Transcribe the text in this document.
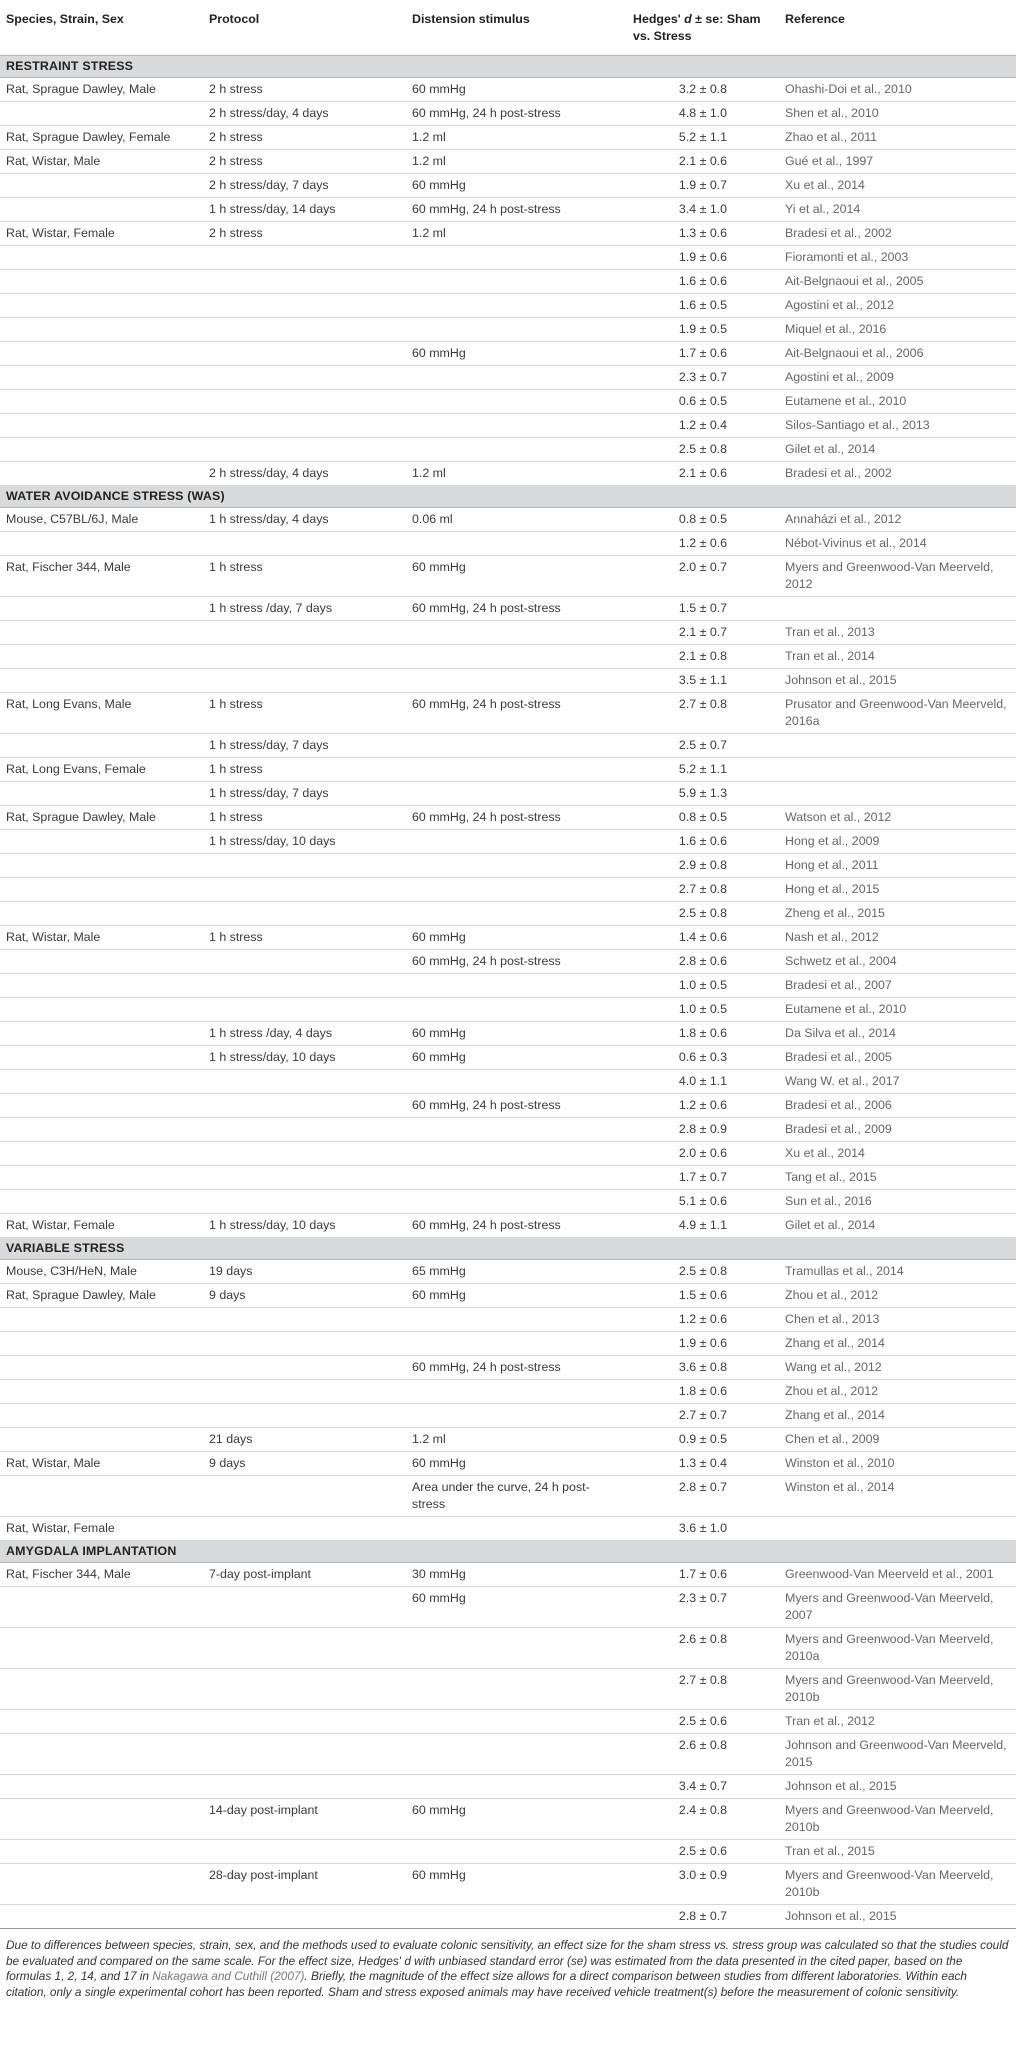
Species, Strain, Sex	Protocol	Distension stimulus	Hedges' d ± se: Sham vs. Stress	Reference
RESTRAINT STRESS				
Rat, Sprague Dawley, Male	2 h stress	60 mmHg	3.2 ± 0.8	Ohashi-Doi et al., 2010
	2 h stress/day, 4 days	60 mmHg, 24 h post-stress	4.8 ± 1.0	Shen et al., 2010
Rat, Sprague Dawley, Female	2 h stress	1.2 ml	5.2 ± 1.1	Zhao et al., 2011
Rat, Wistar, Male	2 h stress	1.2 ml	2.1 ± 0.6	Gué et al., 1997
	2 h stress/day, 7 days	60 mmHg	1.9 ± 0.7	Xu et al., 2014
	1 h stress/day, 14 days	60 mmHg, 24 h post-stress	3.4 ± 1.0	Yi et al., 2014
Rat, Wistar, Female	2 h stress	1.2 ml	1.3 ± 0.6	Bradesi et al., 2002
			1.9 ± 0.6	Fioramonti et al., 2003
			1.6 ± 0.6	Ait-Belgnaoui et al., 2005
			1.6 ± 0.5	Agostini et al., 2012
			1.9 ± 0.5	Miquel et al., 2016
		60 mmHg	1.7 ± 0.6	Ait-Belgnaoui et al., 2006
			2.3 ± 0.7	Agostini et al., 2009
			0.6 ± 0.5	Eutamene et al., 2010
			1.2 ± 0.4	Silos-Santiago et al., 2013
			2.5 ± 0.8	Gilet et al., 2014
	2 h stress/day, 4 days	1.2 ml	2.1 ± 0.6	Bradesi et al., 2002
WATER AVOIDANCE STRESS (WAS)				
Mouse, C57BL/6J, Male	1 h stress/day, 4 days	0.06 ml	0.8 ± 0.5	Annaházi et al., 2012
			1.2 ± 0.6	Nébot-Vivinus et al., 2014
Rat, Fischer 344, Male	1 h stress	60 mmHg	2.0 ± 0.7	Myers and Greenwood-Van Meerveld, 2012
	1 h stress /day, 7 days	60 mmHg, 24 h post-stress	1.5 ± 0.7	
			2.1 ± 0.7	Tran et al., 2013
			2.1 ± 0.8	Tran et al., 2014
			3.5 ± 1.1	Johnson et al., 2015
Rat, Long Evans, Male	1 h stress	60 mmHg, 24 h post-stress	2.7 ± 0.8	Prusator and Greenwood-Van Meerveld, 2016a
	1 h stress/day, 7 days		2.5 ± 0.7	
Rat, Long Evans, Female	1 h stress		5.2 ± 1.1	
	1 h stress/day, 7 days		5.9 ± 1.3	
Rat, Sprague Dawley, Male	1 h stress	60 mmHg, 24 h post-stress	0.8 ± 0.5	Watson et al., 2012
	1 h stress/day, 10 days		1.6 ± 0.6	Hong et al., 2009
			2.9 ± 0.8	Hong et al., 2011
			2.7 ± 0.8	Hong et al., 2015
			2.5 ± 0.8	Zheng et al., 2015
Rat, Wistar, Male	1 h stress	60 mmHg	1.4 ± 0.6	Nash et al., 2012
		60 mmHg, 24 h post-stress	2.8 ± 0.6	Schwetz et al., 2004
			1.0 ± 0.5	Bradesi et al., 2007
			1.0 ± 0.5	Eutamene et al., 2010
	1 h stress /day, 4 days	60 mmHg	1.8 ± 0.6	Da Silva et al., 2014
	1 h stress/day, 10 days	60 mmHg	0.6 ± 0.3	Bradesi et al., 2005
			4.0 ± 1.1	Wang W. et al., 2017
		60 mmHg, 24 h post-stress	1.2 ± 0.6	Bradesi et al., 2006
			2.8 ± 0.9	Bradesi et al., 2009
			2.0 ± 0.6	Xu et al., 2014
			1.7 ± 0.7	Tang et al., 2015
			5.1 ± 0.6	Sun et al., 2016
Rat, Wistar, Female	1 h stress/day, 10 days	60 mmHg, 24 h post-stress	4.9 ± 1.1	Gilet et al., 2014
VARIABLE STRESS				
Mouse, C3H/HeN, Male	19 days	65 mmHg	2.5 ± 0.8	Tramullas et al., 2014
Rat, Sprague Dawley, Male	9 days	60 mmHg	1.5 ± 0.6	Zhou et al., 2012
			1.2 ± 0.6	Chen et al., 2013
			1.9 ± 0.6	Zhang et al., 2014
		60 mmHg, 24 h post-stress	3.6 ± 0.8	Wang et al., 2012
			1.8 ± 0.6	Zhou et al., 2012
			2.7 ± 0.7	Zhang et al., 2014
	21 days	1.2 ml	0.9 ± 0.5	Chen et al., 2009
Rat, Wistar, Male	9 days	60 mmHg	1.3 ± 0.4	Winston et al., 2010
		Area under the curve, 24 h post-stress	2.8 ± 0.7	Winston et al., 2014
Rat, Wistar, Female			3.6 ± 1.0	
AMYGDALA IMPLANTATION				
Rat, Fischer 344, Male	7-day post-implant	30 mmHg	1.7 ± 0.6	Greenwood-Van Meerveld et al., 2001
		60 mmHg	2.3 ± 0.7	Myers and Greenwood-Van Meerveld, 2007
			2.6 ± 0.8	Myers and Greenwood-Van Meerveld, 2010a
			2.7 ± 0.8	Myers and Greenwood-Van Meerveld, 2010b
			2.5 ± 0.6	Tran et al., 2012
			2.6 ± 0.8	Johnson and Greenwood-Van Meerveld, 2015
			3.4 ± 0.7	Johnson et al., 2015
	14-day post-implant	60 mmHg	2.4 ± 0.8	Myers and Greenwood-Van Meerveld, 2010b
			2.5 ± 0.6	Tran et al., 2015
	28-day post-implant	60 mmHg	3.0 ± 0.9	Myers and Greenwood-Van Meerveld, 2010b
			2.8 ± 0.7	Johnson et al., 2015
Due to differences between species, strain, sex, and the methods used to evaluate colonic sensitivity, an effect size for the sham stress vs. stress group was calculated so that the studies could be evaluated and compared on the same scale. For the effect size, Hedges' d with unbiased standard error (se) was estimated from the data presented in the cited paper, based on the formulas 1, 2, 14, and 17 in Nakagawa and Cuthill (2007). Briefly, the magnitude of the effect size allows for a direct comparison between studies from different laboratories. Within each citation, only a single experimental cohort has been reported. Sham and stress exposed animals may have received vehicle treatment(s) before the measurement of colonic sensitivity.
